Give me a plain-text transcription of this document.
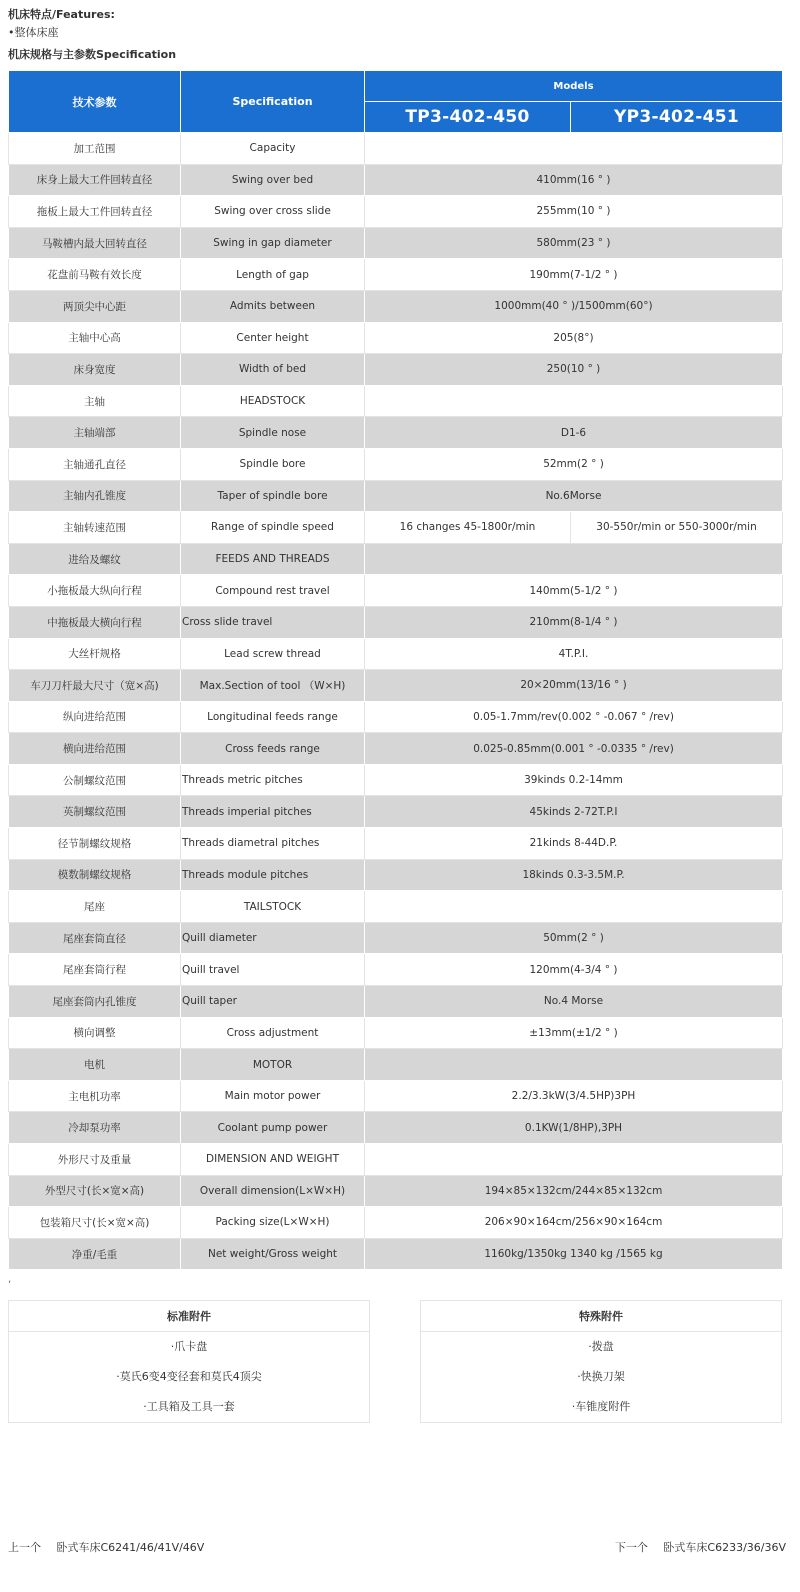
机床特点/Features:
•整体床座
机床规格与主参数Specification
技术参数	Specification	Models	
		TP3-402-450	YP3-402-451
加工范围	Capacity		
床身上最大工件回转直径	Swing over bed	410mm(16 ° )	
拖板上最大工件回转直径	Swing over cross slide	255mm(10 ° )	
马鞍槽内最大回转直径	Swing in gap diameter	580mm(23 ° )	
花盘前马鞍有效长度	Length of gap	190mm(7-1/2 ° )	
两顶尖中心距	Admits between	1000mm(40 ° )/1500mm(60°)	
主轴中心高	Center height	205(8°)	
床身宽度	Width of bed	250(10 ° )	
主轴	HEADSTOCK		
主轴端部	Spindle nose	D1-6	
主轴通孔直径	Spindle bore	52mm(2 ° )	
主轴内孔锥度	Taper of spindle bore	No.6Morse	
主轴转速范围	Range of spindle speed	16 changes 45-1800r/min	30-550r/min or 550-3000r/min
进给及螺纹	FEEDS AND THREADS		
小拖板最大纵向行程	Compound rest travel	140mm(5-1/2 ° )	
中拖板最大横向行程	Cross slide travel	210mm(8-1/4 ° )	
大丝杆规格	Lead screw thread	4T.P.I.	
车刀刀杆最大尺寸（宽×高)	Max.Section of tool （W×H)	20×20mm(13/16 ° )	
纵向进给范围	Longitudinal feeds range	0.05-1.7mm/rev(0.002 ° -0.067 ° /rev)	
横向进给范围	Cross feeds range	0.025-0.85mm(0.001 ° -0.0335 ° /rev)	
公制螺纹范围	Threads metric pitches	39kinds 0.2-14mm	
英制螺纹范围	Threads imperial pitches	45kinds 2-72T.P.I	
径节制螺纹规格	Threads diametral pitches	21kinds 8-44D.P.	
模数制螺纹规格	Threads module pitches	18kinds 0.3-3.5M.P.	
尾座	TAILSTOCK		
尾座套筒直径	Quill diameter	50mm(2 ° )	
尾座套筒行程	Quill travel	120mm(4-3/4 ° )	
尾座套筒内孔锥度	Quill taper	No.4 Morse	
横向调整	Cross adjustment	±13mm(±1/2 ° )	
电机	MOTOR		
主电机功率	Main motor power	2.2/3.3kW(3/4.5HP)3PH	
冷却泵功率	Coolant pump power	0.1KW(1/8HP),3PH	
外形尺寸及重量	DIMENSION AND WEIGHT		
外型尺寸(长×宽×高)	Overall dimension(L×W×H)	194×85×132cm/244×85×132cm	
包装箱尺寸(长×宽×高)	Packing size(L×W×H)	206×90×164cm/256×90×164cm	
净重/毛重	Net weight/Gross weight	1160kg/1350kg 1340 kg /1565 kg	
,
标准附件
·爪卡盘
·莫氏6变4变径套和莫氏4顶尖
·工具箱及工具一套
特殊附件
·拨盘
·快换刀架
·车锥度附件
上一个 卧式车床C6241/46/41V/46V	下一个 卧式车床C6233/36/36V
